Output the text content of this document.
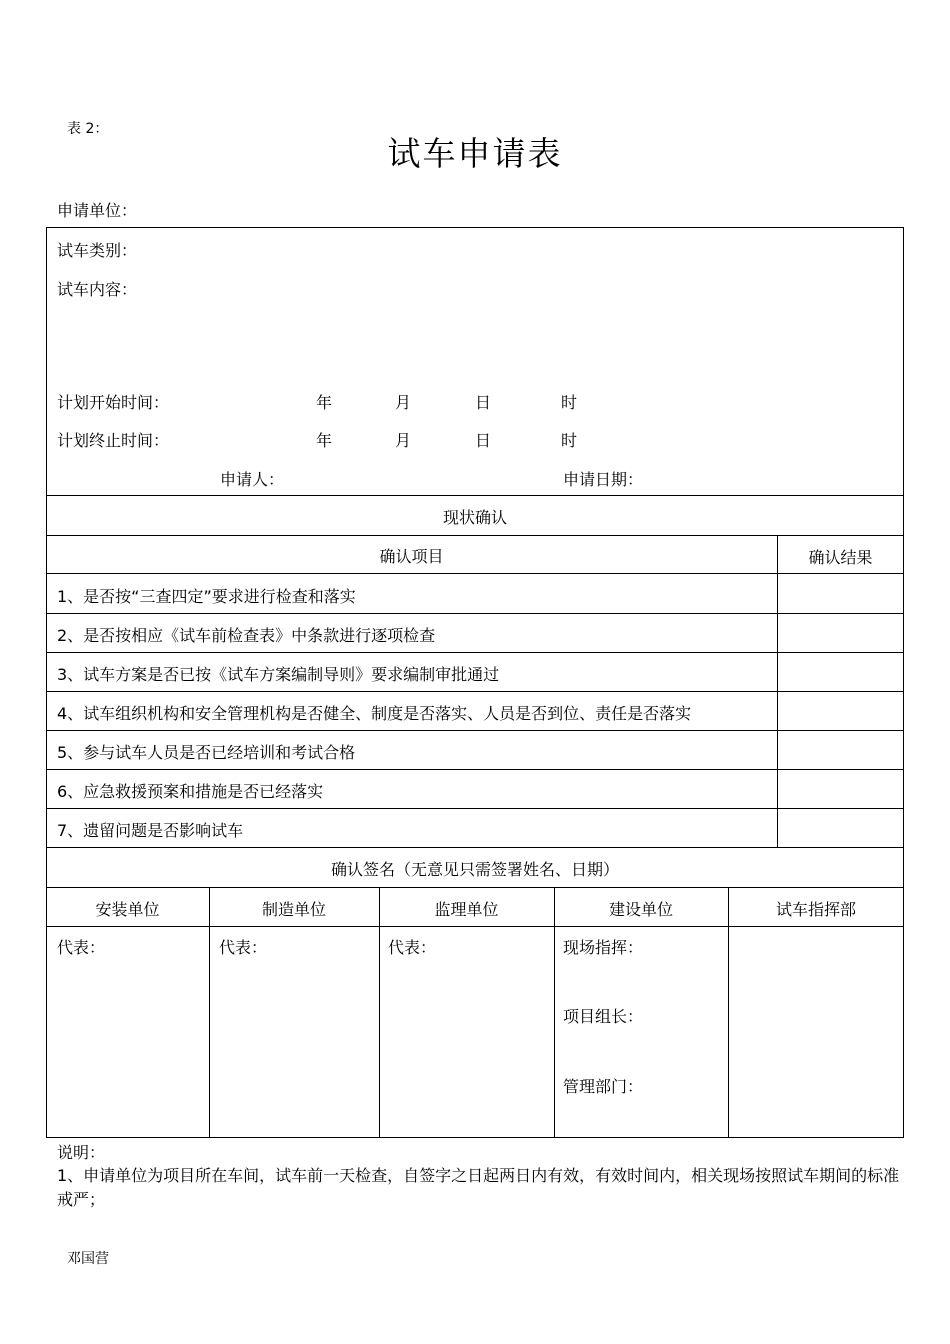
表 2：
试车申请表
申请单位：
试车类别：
试车内容：
计划开始时间：	年	月	日	时
计划终止时间：	年	月	日	时
申请人：	申请日期：
现状确认
确认项目	确认结果
1、是否按“三查四定”要求进行检查和落实
2、是否按相应《试车前检查表》中条款进行逐项检查
3、试车方案是否已按《试车方案编制导则》要求编制审批通过
4、试车组织机构和安全管理机构是否健全、制度是否落实、人员是否到位、责任是否落实
5、参与试车人员是否已经培训和考试合格
6、应急救援预案和措施是否已经落实
7、遗留问题是否影响试车
确认签名（无意见只需签署姓名、日期）
安装单位	制造单位	监理单位	建设单位	试车指挥部
代表：	代表：	代表：	现场指挥：
项目组长：
管理部门：
说明：
1、申请单位为项目所在车间，试车前一天检查，自签字之日起两日内有效，有效时间内，相关现场按照试车期间的标准戒严；
邓国营
